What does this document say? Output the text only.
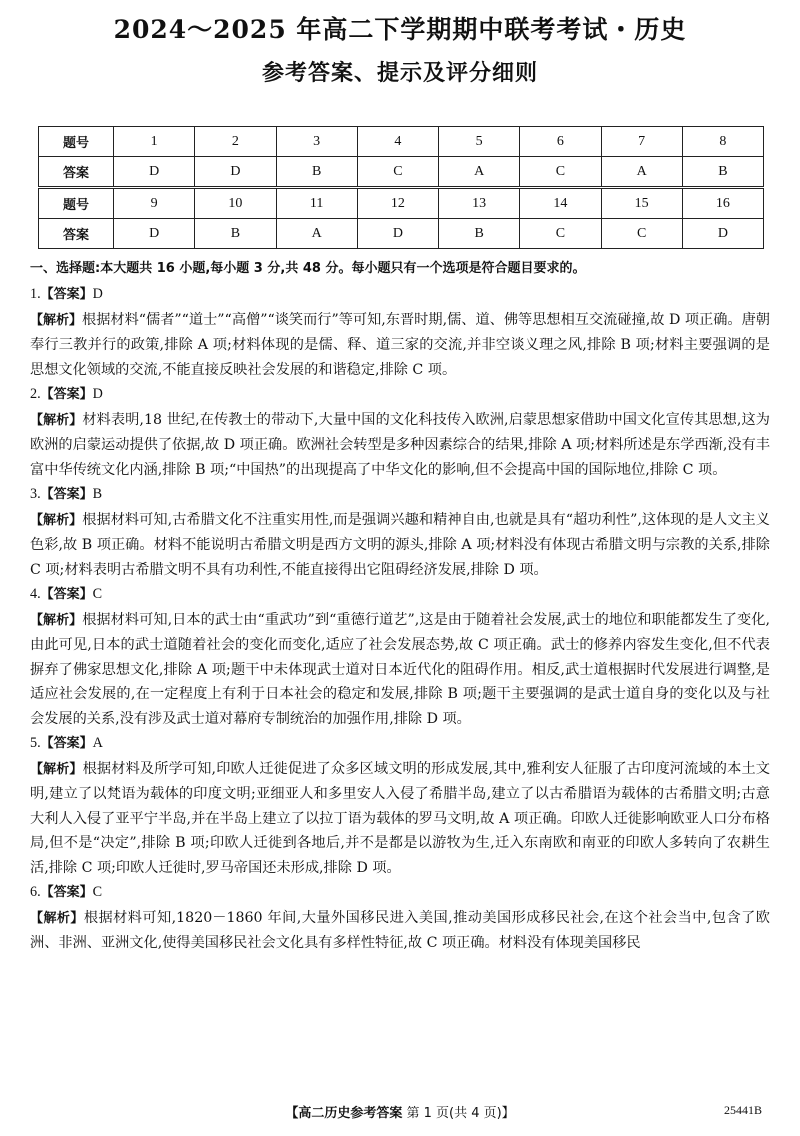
2024～2025 年高二下学期期中联考考试・历史
参考答案、提示及评分细则
题号	1	2	3	4	5	6	7	8
答案	D	D	B	C	A	C	A	B
题号	9	10	11	12	13	14	15	16
答案	D	B	A	D	B	C	C	D
一、选择题:本大题共 16 小题,每小题 3 分,共 48 分。每小题只有一个选项是符合题目要求的。

1.【答案】D

【解析】根据材料“儒者”“道士”“高僧”“谈笑而行”等可知,东晋时期,儒、道、佛等思想相互交流碰撞,故 D 项正确。唐朝奉行三教并行的政策,排除 A 项;材料体现的是儒、释、道三家的交流,并非空谈义理之风,排除 B 项;材料主要强调的是思想文化领域的交流,不能直接反映社会发展的和谐稳定,排除 C 项。

2.【答案】D

【解析】材料表明,18 世纪,在传教士的带动下,大量中国的文化科技传入欧洲,启蒙思想家借助中国文化宣传其思想,这为欧洲的启蒙运动提供了依据,故 D 项正确。欧洲社会转型是多种因素综合的结果,排除 A 项;材料所述是东学西渐,没有丰富中华传统文化内涵,排除 B 项;“中国热”的出现提高了中华文化的影响,但不会提高中国的国际地位,排除 C 项。

3.【答案】B

【解析】根据材料可知,古希腊文化不注重实用性,而是强调兴趣和精神自由,也就是具有“超功利性”,这体现的是人文主义色彩,故 B 项正确。材料不能说明古希腊文明是西方文明的源头,排除 A 项;材料没有体现古希腊文明与宗教的关系,排除 C 项;材料表明古希腊文明不具有功利性,不能直接得出它阻碍经济发展,排除 D 项。

4.【答案】C

【解析】根据材料可知,日本的武士由“重武功”到“重德行道艺”,这是由于随着社会发展,武士的地位和职能都发生了变化,由此可见,日本的武士道随着社会的变化而变化,适应了社会发展态势,故 C 项正确。武士的修养内容发生变化,但不代表摒弃了佛家思想文化,排除 A 项;题干中未体现武士道对日本近代化的阻碍作用。相反,武士道根据时代发展进行调整,是适应社会发展的,在一定程度上有利于日本社会的稳定和发展,排除 B 项;题干主要强调的是武士道自身的变化以及与社会发展的关系,没有涉及武士道对幕府专制统治的加强作用,排除 D 项。

5.【答案】A

【解析】根据材料及所学可知,印欧人迁徙促进了众多区域文明的形成发展,其中,雅利安人征服了古印度河流域的本土文明,建立了以梵语为载体的印度文明;亚细亚人和多里安人入侵了希腊半岛,建立了以古希腊语为载体的古希腊文明;古意大利人入侵了亚平宁半岛,并在半岛上建立了以拉丁语为载体的罗马文明,故 A 项正确。印欧人迁徙影响欧亚人口分布格局,但不是“决定”,排除 B 项;印欧人迁徙到各地后,并不是都是以游牧为生,迁入东南欧和南亚的印欧人多转向了农耕生活,排除 C 项;印欧人迁徙时,罗马帝国还未形成,排除 D 项。

6.【答案】C

【解析】根据材料可知,1820－1860 年间,大量外国移民进入美国,推动美国形成移民社会,在这个社会当中,包含了欧洲、非洲、亚洲文化,使得美国移民社会文化具有多样性特征,故 C 项正确。材料没有体现美国移民

【高二历史参考答案 第 1 页(共 4 页)】	25441B
